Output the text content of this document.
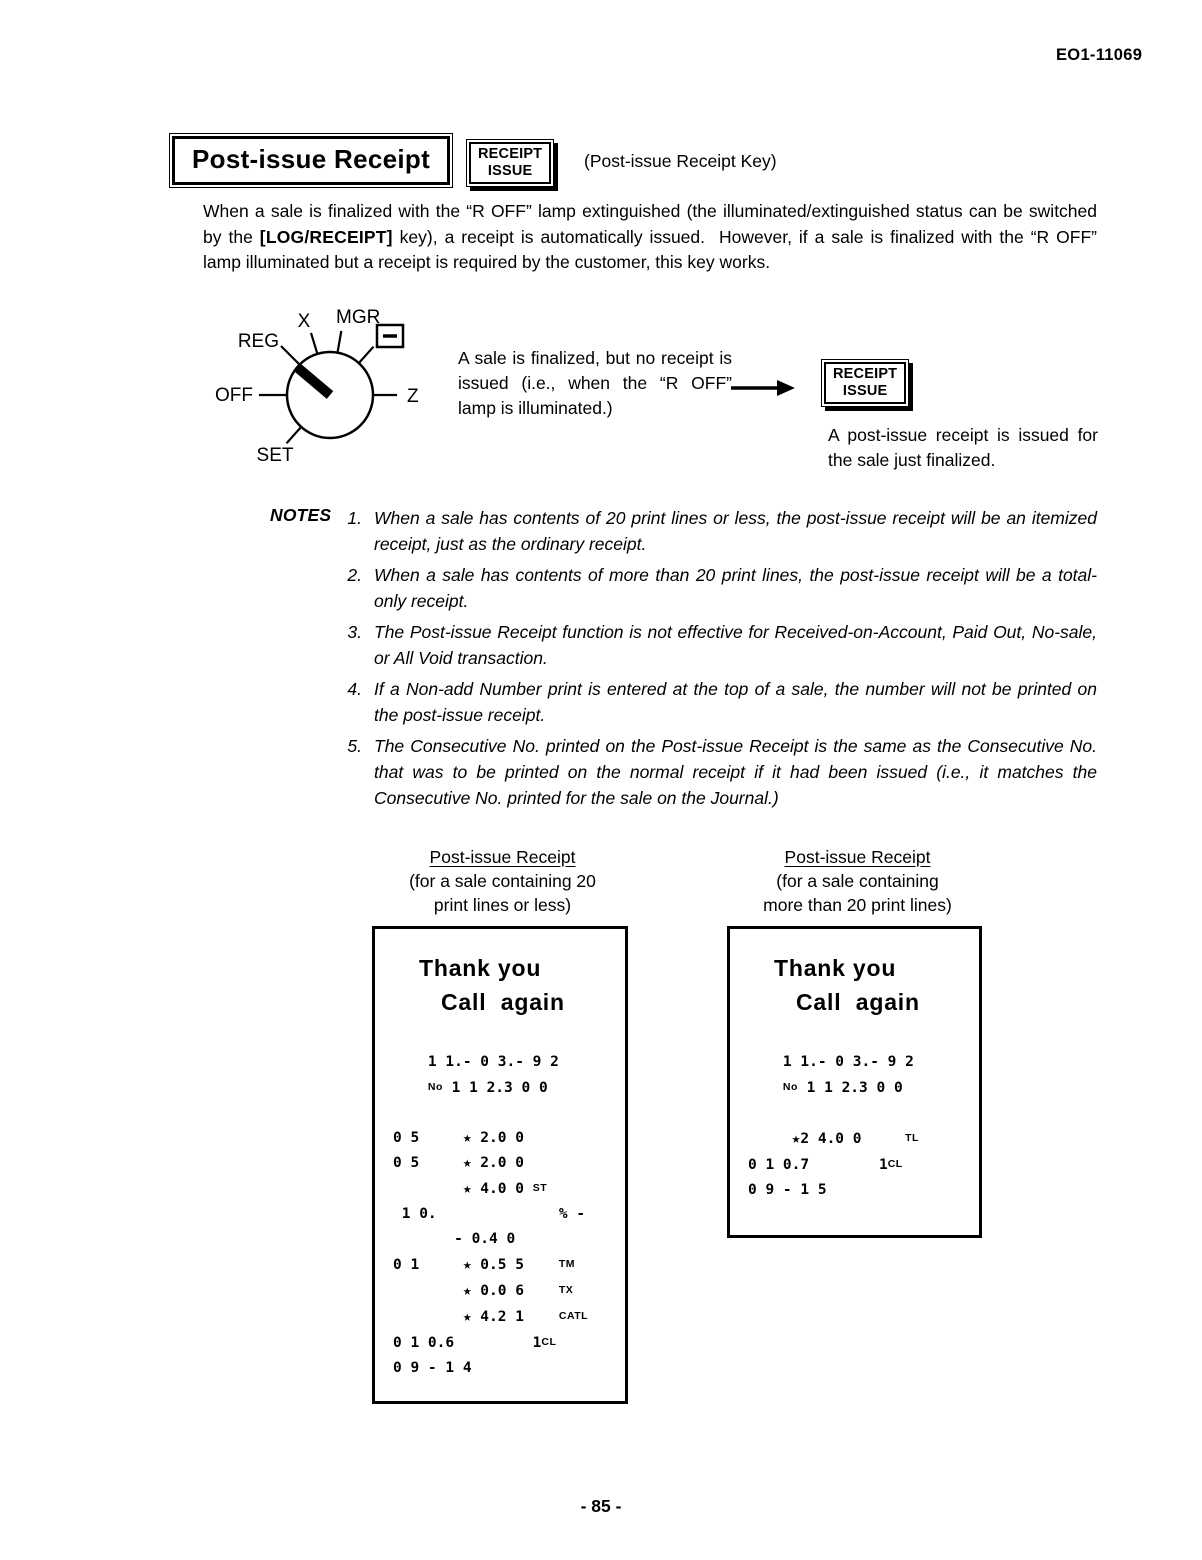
EO1-11069
Post-issue Receipt	RECEIPT
ISSUE	(Post-issue Receipt Key)
When a sale is finalized with the “R OFF” lamp extinguished (the illuminated/extinguished status can be switched by the [LOG/RECEIPT] key), a receipt is automatically issued.  However, if a sale is finalized with the “R OFF” lamp illuminated but a receipt is required by the customer, this key works.
REG
X MGR
Z
OFF
SET
A sale is finalized, but no receipt is issued (i.e., when the “R OFF” lamp is illuminated.)
RECEIPT
ISSUE
A post-issue receipt is issued for the sale just finalized.
NOTES 1. When a sale has contents of 20 print lines or less, the post-issue receipt will be an itemized receipt, just as the ordinary receipt.
2. When a sale has contents of more than 20 print lines, the post-issue receipt will be a total-only receipt.
3. The Post-issue Receipt function is not effective for Received-on-Account, Paid Out, No-sale, or All Void transaction.
4. If a Non-add Number print is entered at the top of a sale, the number will not be printed on the post-issue receipt.
5. The Consecutive No. printed on the Post-issue Receipt is the same as the Consecutive No. that was to be printed on the normal receipt if it had been issued (i.e., it matches the Consecutive No. printed for the sale on the Journal.)
Post-issue Receipt
(for a sale containing 20
print lines or less)
Post-issue Receipt
(for a sale containing
more than 20 print lines)
Thank you
Call  again
1 1.- 0 3.- 9 2
No 1 1 2.3 0 0

0 5     ★ 2.0 0
0 5     ★ 2.0 0
★ 4.0 0 ST
1 0.              % -
- 0.4 0
0 1     ★ 0.5 5    TM
★ 0.0 6    TX
★ 4.2 1    CATL
0 1 0.6         1CL
0 9 - 1 4
Thank you
Call  again
1 1.- 0 3.- 9 2
No 1 1 2.3 0 0

★2 4.0 0     TL
0 1 0.7        1CL
0 9 - 1 5
- 85 -
